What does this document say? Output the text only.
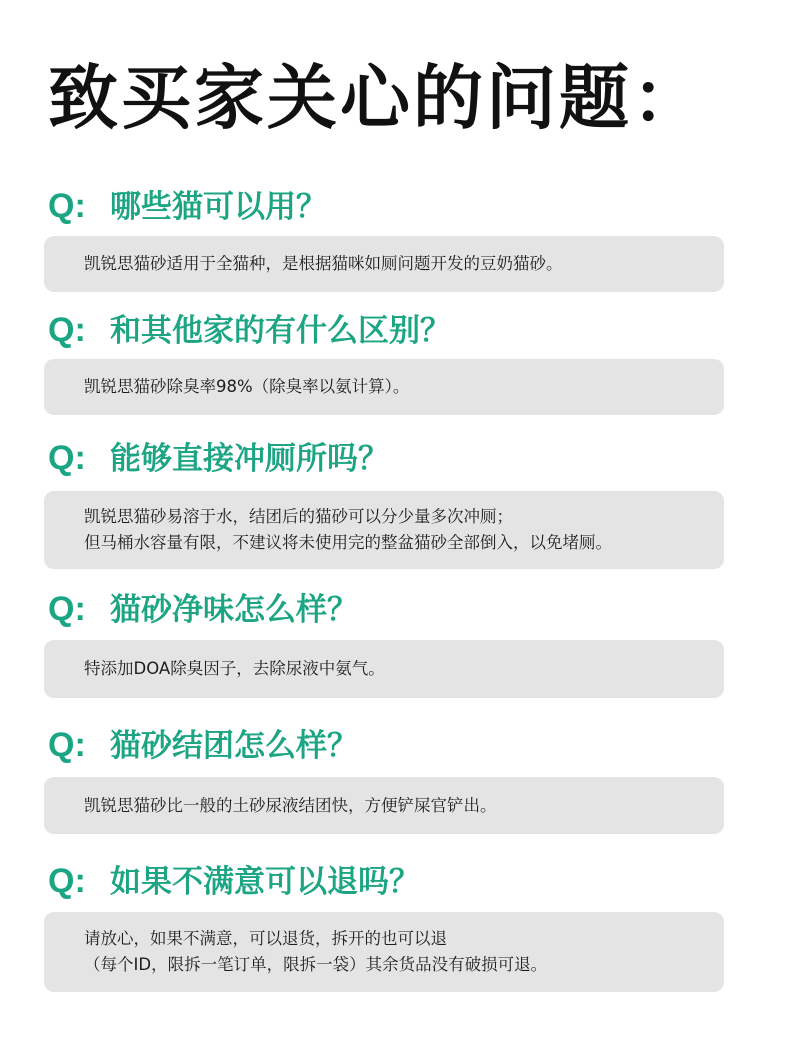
致买家关心的问题：
Q: 哪些猫可以用？
凯锐思猫砂适用于全猫种，是根据猫咪如厕问题开发的豆奶猫砂。
Q: 和其他家的有什么区别？
凯锐思猫砂除臭率98%（除臭率以氨计算）。
Q: 能够直接冲厕所吗？
凯锐思猫砂易溶于水，结团后的猫砂可以分少量多次冲厕；
但马桶水容量有限，不建议将未使用完的整盆猫砂全部倒入，以免堵厕。
Q: 猫砂净味怎么样？
特添加DOA除臭因子，去除尿液中氨气。
Q: 猫砂结团怎么样？
凯锐思猫砂比一般的土砂尿液结团快，方便铲屎官铲出。
Q: 如果不满意可以退吗？
请放心，如果不满意，可以退货，拆开的也可以退
（每个ID，限拆一笔订单，限拆一袋）其余货品没有破损可退。
